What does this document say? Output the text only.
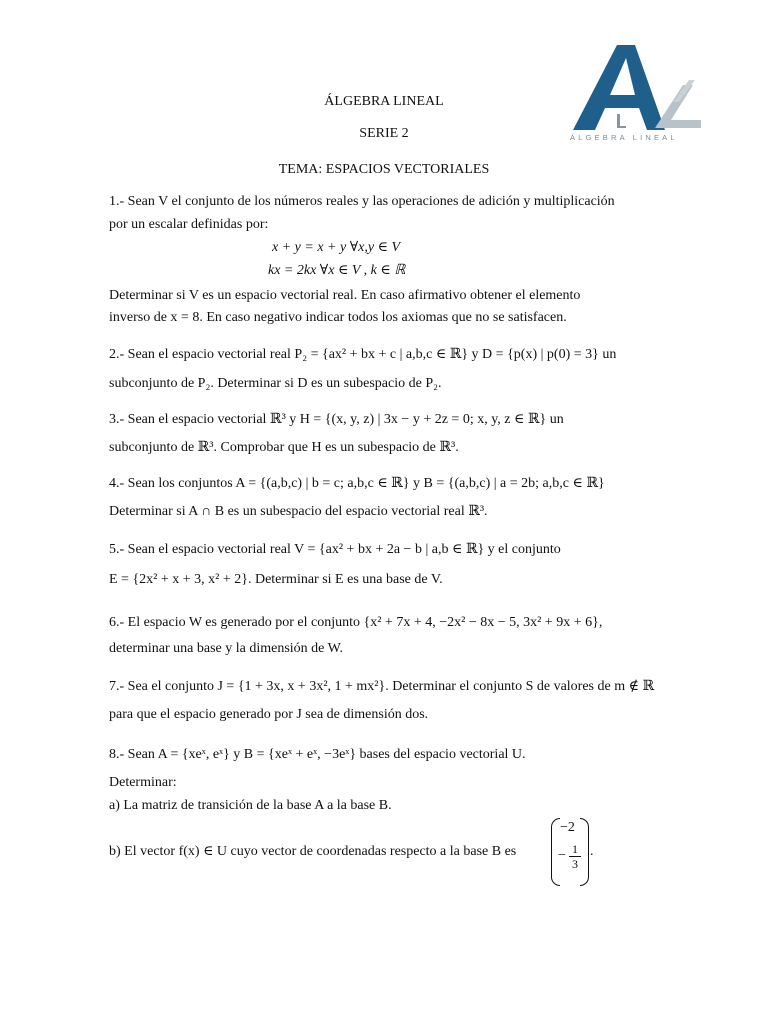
ÁLGEBRA LINEAL
ÁLGEBRA LINEAL
SERIE 2
TEMA: ESPACIOS VECTORIALES
1.- Sean V el conjunto de los números reales y las operaciones de adición y multiplicación
por un escalar definidas por:
x + y = x + y ∀x,y ∈ V
kx = 2kx ∀x ∈ V , k ∈ ℝ
Determinar si V es un espacio vectorial real. En caso afirmativo obtener el elemento
inverso de x = 8. En caso negativo indicar todos los axiomas que no se satisfacen.
2.- Sean el espacio vectorial real P₂ = {ax² + bx + c | a,b,c ∈ ℝ} y D = {p(x) | p(0) = 3} un
subconjunto de P₂. Determinar si D es un subespacio de P₂.
3.- Sean el espacio vectorial ℝ³ y H = {(x, y, z) | 3x − y + 2z = 0; x, y, z ∈ ℝ} un
subconjunto de ℝ³. Comprobar que H es un subespacio de ℝ³.
4.- Sean los conjuntos A = {(a,b,c) | b = c; a,b,c ∈ ℝ} y B = {(a,b,c) | a = 2b; a,b,c ∈ ℝ}
Determinar si A ∩ B es un subespacio del espacio vectorial real ℝ³.
5.- Sean el espacio vectorial real V = {ax² + bx + 2a − b | a,b ∈ ℝ} y el conjunto
E = {2x² + x + 3, x² + 2}. Determinar si E es una base de V.
6.- El espacio W es generado por el conjunto {x² + 7x + 4, −2x² − 8x − 5, 3x² + 9x + 6},
determinar una base y la dimensión de W.
7.- Sea el conjunto J = {1 + 3x, x + 3x², 1 + mx²}. Determinar el conjunto S de valores de m ∉ ℝ
para que el espacio generado por J sea de dimensión dos.
8.- Sean A = {xeˣ, eˣ} y B = {xeˣ + eˣ, −3eˣ} bases del espacio vectorial U.
Determinar:
a) La matriz de transición de la base A a la base B.
b) El vector f(x) ∈ U cuyo vector de coordenadas respecto a la base B es
−2
− $\frac{1}{3}$ .
